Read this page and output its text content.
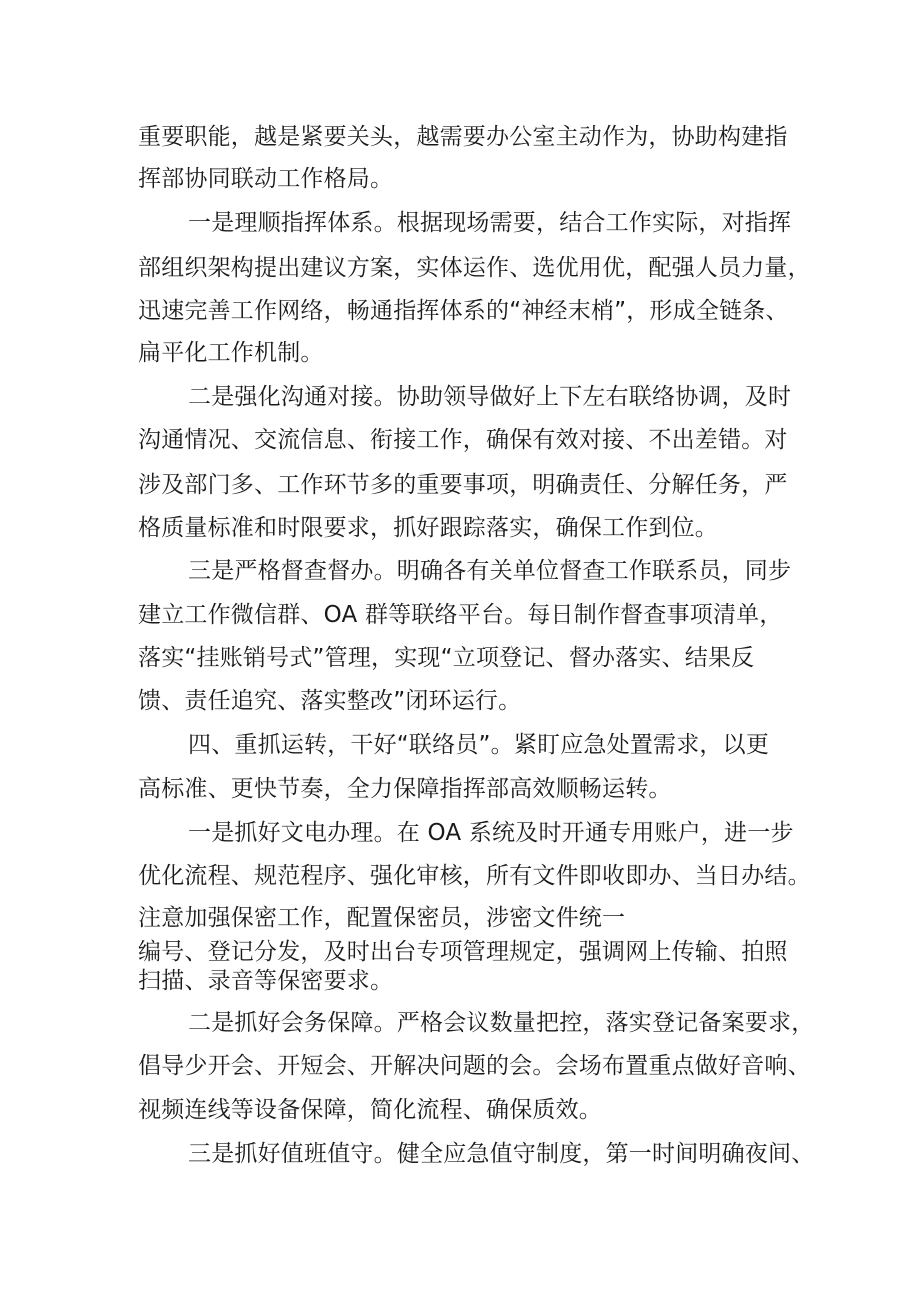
重要职能，越是紧要关头，越需要办公室主动作为，协助构建指
挥部协同联动工作格局。
一是理顺指挥体系。根据现场需要，结合工作实际，对指挥
部组织架构提出建议方案，实体运作、选优用优，配强人员力量，
迅速完善工作网络，畅通指挥体系的“神经末梢”，形成全链条、
扁平化工作机制。
二是强化沟通对接。协助领导做好上下左右联络协调，及时
沟通情况、交流信息、衔接工作，确保有效对接、不出差错。对
涉及部门多、工作环节多的重要事项，明确责任、分解任务，严
格质量标准和时限要求，抓好跟踪落实，确保工作到位。
三是严格督查督办。明确各有关单位督查工作联系员，同步
建立工作微信群、OA 群等联络平台。每日制作督查事项清单，
落实“挂账销号式”管理，实现“立项登记、督办落实、结果反
馈、责任追究、落实整改”闭环运行。
四、重抓运转，干好“联络员”。紧盯应急处置需求，以更
高标准、更快节奏，全力保障指挥部高效顺畅运转。
一是抓好文电办理。在 OA 系统及时开通专用账户，进一步
优化流程、规范程序、强化审核，所有文件即收即办、当日办结。
注意加强保密工作，配置保密员，涉密文件统一
编号、登记分发，及时出台专项管理规定，强调网上传输、拍照
扫描、录音等保密要求。
二是抓好会务保障。严格会议数量把控，落实登记备案要求，
倡导少开会、开短会、开解决问题的会。会场布置重点做好音响、
视频连线等设备保障，简化流程、确保质效。
三是抓好值班值守。健全应急值守制度，第一时间明确夜间、
